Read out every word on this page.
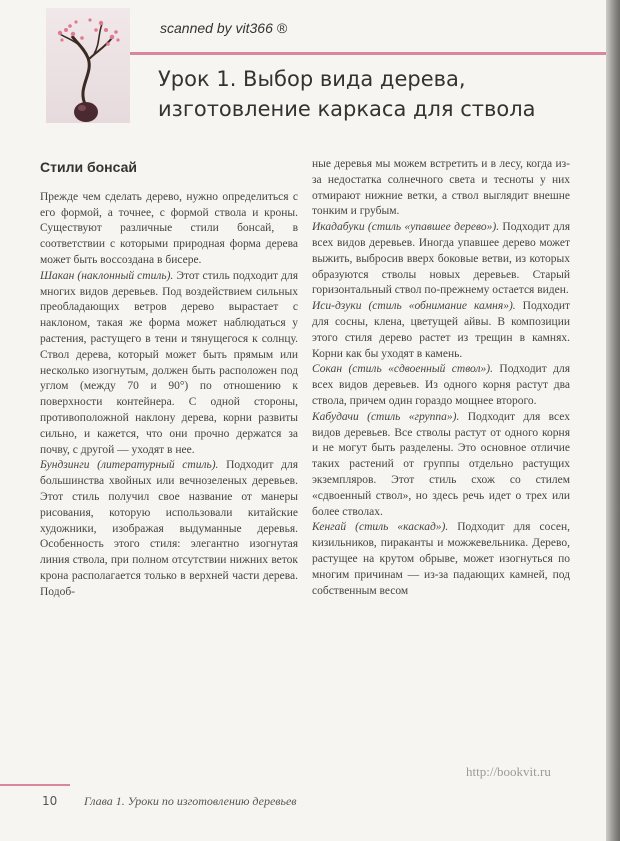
scanned by vit366 ®
Урок 1. Выбор вида дерева,
изготовление каркаса для ствола
Стили бонсай

Прежде чем сделать дерево, нужно определиться с его формой, а точнее, с формой ствола и кроны. Существуют различные стили бонсай, в соответствии с которыми природная форма дерева может быть воссоздана в бисере.

Шакан (наклонный стиль). Этот стиль подходит для многих видов деревьев. Под воздействием сильных преобладающих ветров дерево вырастает с наклоном, такая же форма может наблюдаться у растения, растущего в тени и тянущегося к солнцу. Ствол дерева, который может быть прямым или несколько изогнутым, должен быть расположен под углом (между 70 и 90°) по отношению к поверхности контейнера. С одной стороны, противоположной наклону дерева, корни развиты сильно, и кажется, что они прочно держатся за почву, с другой — уходят в нее.

Бундзинги (литературный стиль). Подходит для большинства хвойных или вечнозеленых деревьев. Этот стиль получил свое название от манеры рисования, которую использовали китайские художники, изображая выдуманные деревья. Особенность этого стиля: элегантно изогнутая линия ствола, при полном отсутствии нижних веток крона располагается только в верхней части дерева. Подоб-

ные деревья мы можем встретить и в лесу, когда из-за недостатка солнечного света и тесноты у них отмирают нижние ветки, а ствол выглядит внешне тонким и грубым.

Икадабуки (стиль «упавшее дерево»). Подходит для всех видов деревьев. Иногда упавшее дерево может выжить, выбросив вверх боковые ветви, из которых образуются стволы новых деревьев. Старый горизонтальный ствол по-прежнему остается виден.

Иси-дзуки (стиль «обнимание камня»). Подходит для сосны, клена, цветущей айвы. В композиции этого стиля дерево растет из трещин в камнях. Корни как бы уходят в камень.

Сокан (стиль «сдвоенный ствол»). Подходит для всех видов деревьев. Из одного корня растут два ствола, причем один гораздо мощнее второго.

Кабудачи (стиль «группа»). Подходит для всех видов деревьев. Все стволы растут от одного корня и не могут быть разделены. Это основное отличие таких растений от группы отдельно растущих экземпляров. Этот стиль схож со стилем «сдвоенный ствол», но здесь речь идет о трех или более стволах.

Кенгай (стиль «каскад»). Подходит для сосен, кизильников, пираканты и можжевельника. Дерево, растущее на крутом обрыве, может изогнуться по многим причинам — из-за падающих камней, под собственным весом

http://bookvit.ru
10 Глава 1. Уроки по изготовлению деревьев
